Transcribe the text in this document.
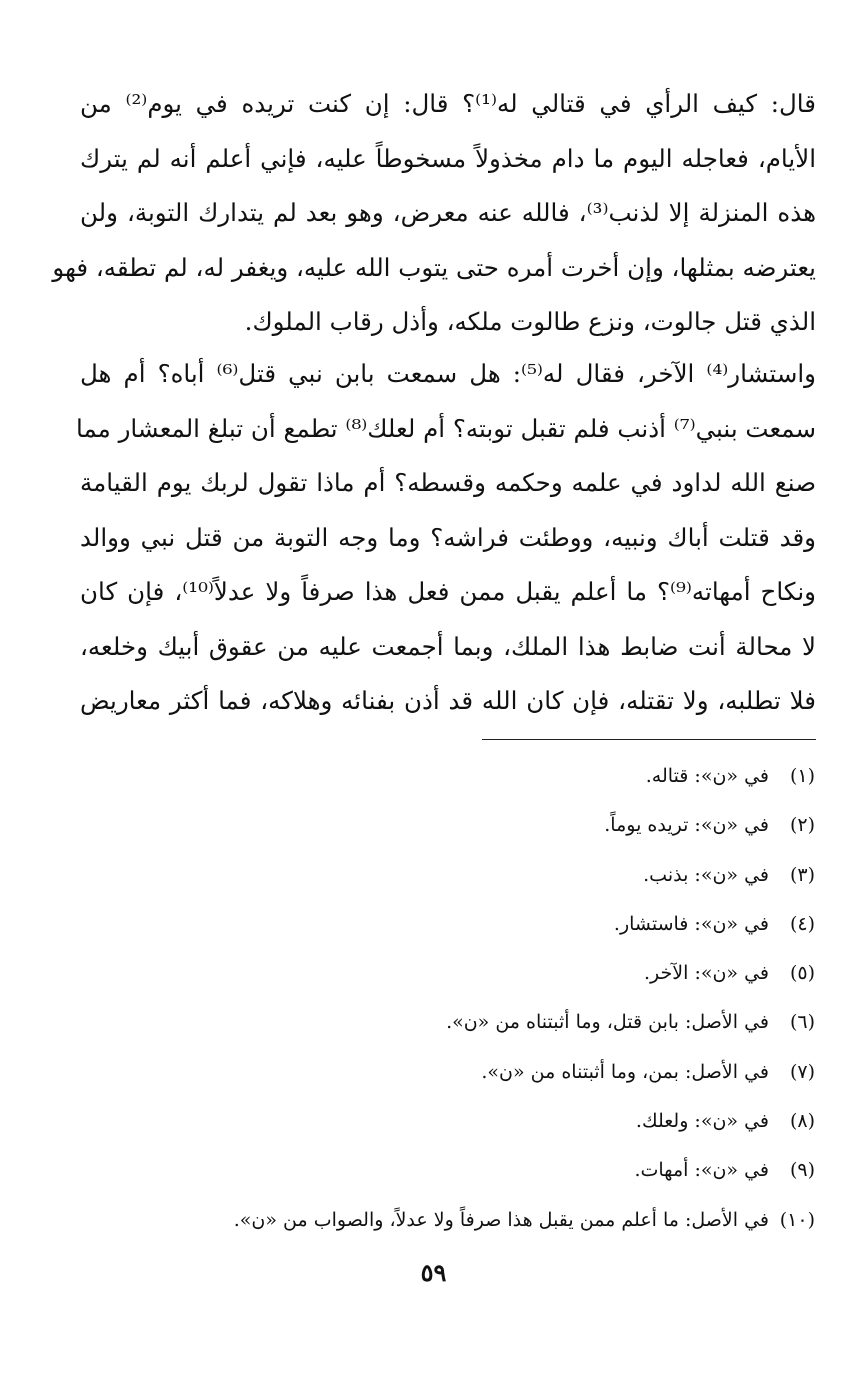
قال: كيف الرأي في قتالي له⁽¹⁾؟ قال: إن كنت تريده في يوم⁽²⁾ من
الأيام، فعاجله اليوم ما دام مخذولاً مسخوطاً عليه، فإني أعلم أنه لم يترك
هذه المنزلة إلا لذنب⁽³⁾، فالله عنه معرض، وهو بعد لم يتدارك التوبة، ولن
يعترضه بمثلها، وإن أخرت أمره حتى يتوب الله عليه، ويغفر له، لم تطقه، فهو
الذي قتل جالوت، ونزع طالوت ملكه، وأذل رقاب الملوك.
واستشار⁽⁴⁾ الآخر، فقال له⁽⁵⁾: هل سمعت بابن نبي قتل⁽⁶⁾ أباه؟ أم هل
سمعت بنبي⁽⁷⁾ أذنب فلم تقبل توبته؟ أم لعلك⁽⁸⁾ تطمع أن تبلغ المعشار مما
صنع الله لداود في علمه وحكمه وقسطه؟ أم ماذا تقول لربك يوم القيامة
وقد قتلت أباك ونبيه، ووطئت فراشه؟ وما وجه التوبة من قتل نبي ووالد
ونكاح أمهاته⁽⁹⁾؟ ما أعلم يقبل ممن فعل هذا صرفاً ولا عدلاً⁽¹⁰⁾، فإن كان
لا محالة أنت ضابط هذا الملك، وبما أجمعت عليه من عقوق أبيك وخلعه،
فلا تطلبه، ولا تقتله، فإن كان الله قد أذن بفنائه وهلاكه، فما أكثر معاريض
(١)
في «ن»: قتاله.
(٢)
في «ن»: تريده يوماً.
(٣)
في «ن»: بذنب.
(٤)
في «ن»: فاستشار.
(٥)
في «ن»: الآخر.
(٦)
في الأصل: بابن قتل، وما أثبتناه من «ن».
(٧)
في الأصل: بمن، وما أثبتناه من «ن».
(٨)
في «ن»: ولعلك.
(٩)
في «ن»: أمهات.
(١٠)
في الأصل: ما أعلم ممن يقبل هذا صرفاً ولا عدلاً، والصواب من «ن».
٥٩
